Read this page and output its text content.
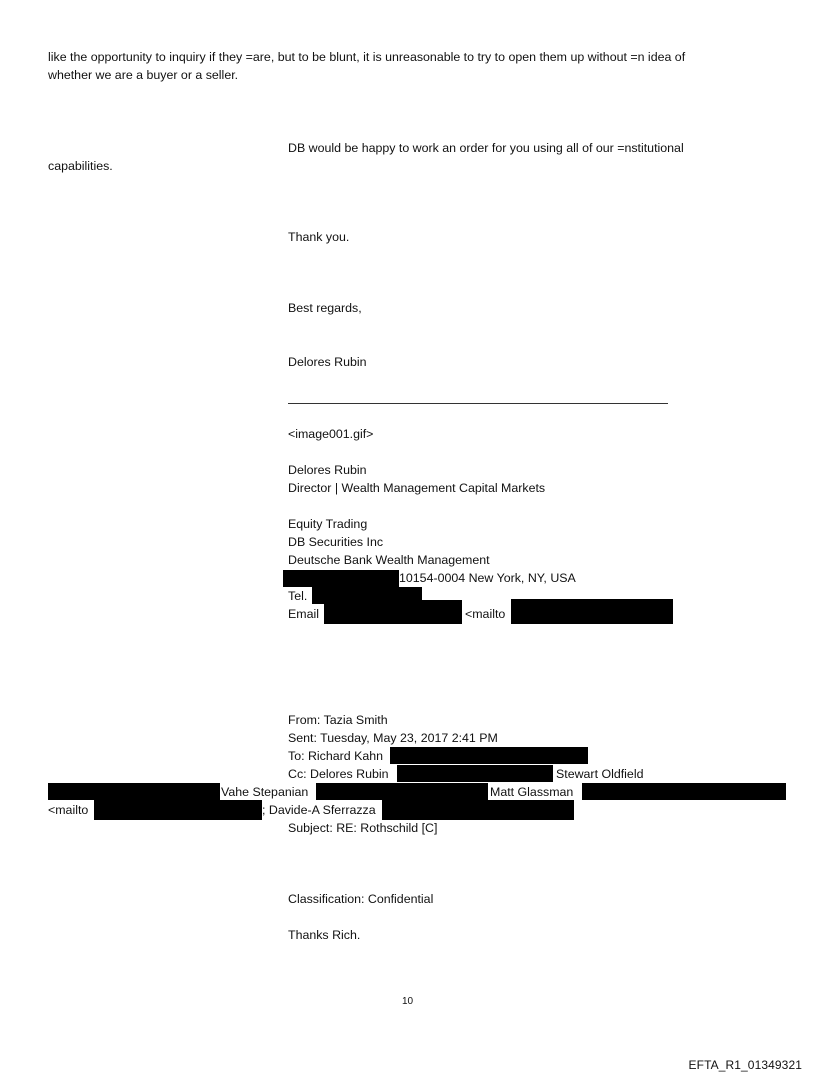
like the opportunity to inquiry if they =are, but to be blunt, it is unreasonable to try to open them up without =n idea of
whether we are a buyer or a seller.
DB would be happy to work an order for you using all of our =nstitutional
capabilities.
Thank you.
Best regards,
Delores Rubin
<image001.gif>
Delores Rubin
Director | Wealth Management Capital Markets
Equity Trading
DB Securities Inc
Deutsche Bank Wealth Management
10154-0004 New York, NY, USA
Tel.
Email	<mailto
From: Tazia Smith
Sent: Tuesday, May 23, 2017 2:41 PM
To: Richard Kahn
Cc: Delores Rubin	Stewart Oldfield
Vahe Stepanian	Matt Glassman
<mailto	; Davide-A Sferrazza
Subject: RE: Rothschild [C]
Classification: Confidential
Thanks Rich.
10
EFTA_R1_01349321
